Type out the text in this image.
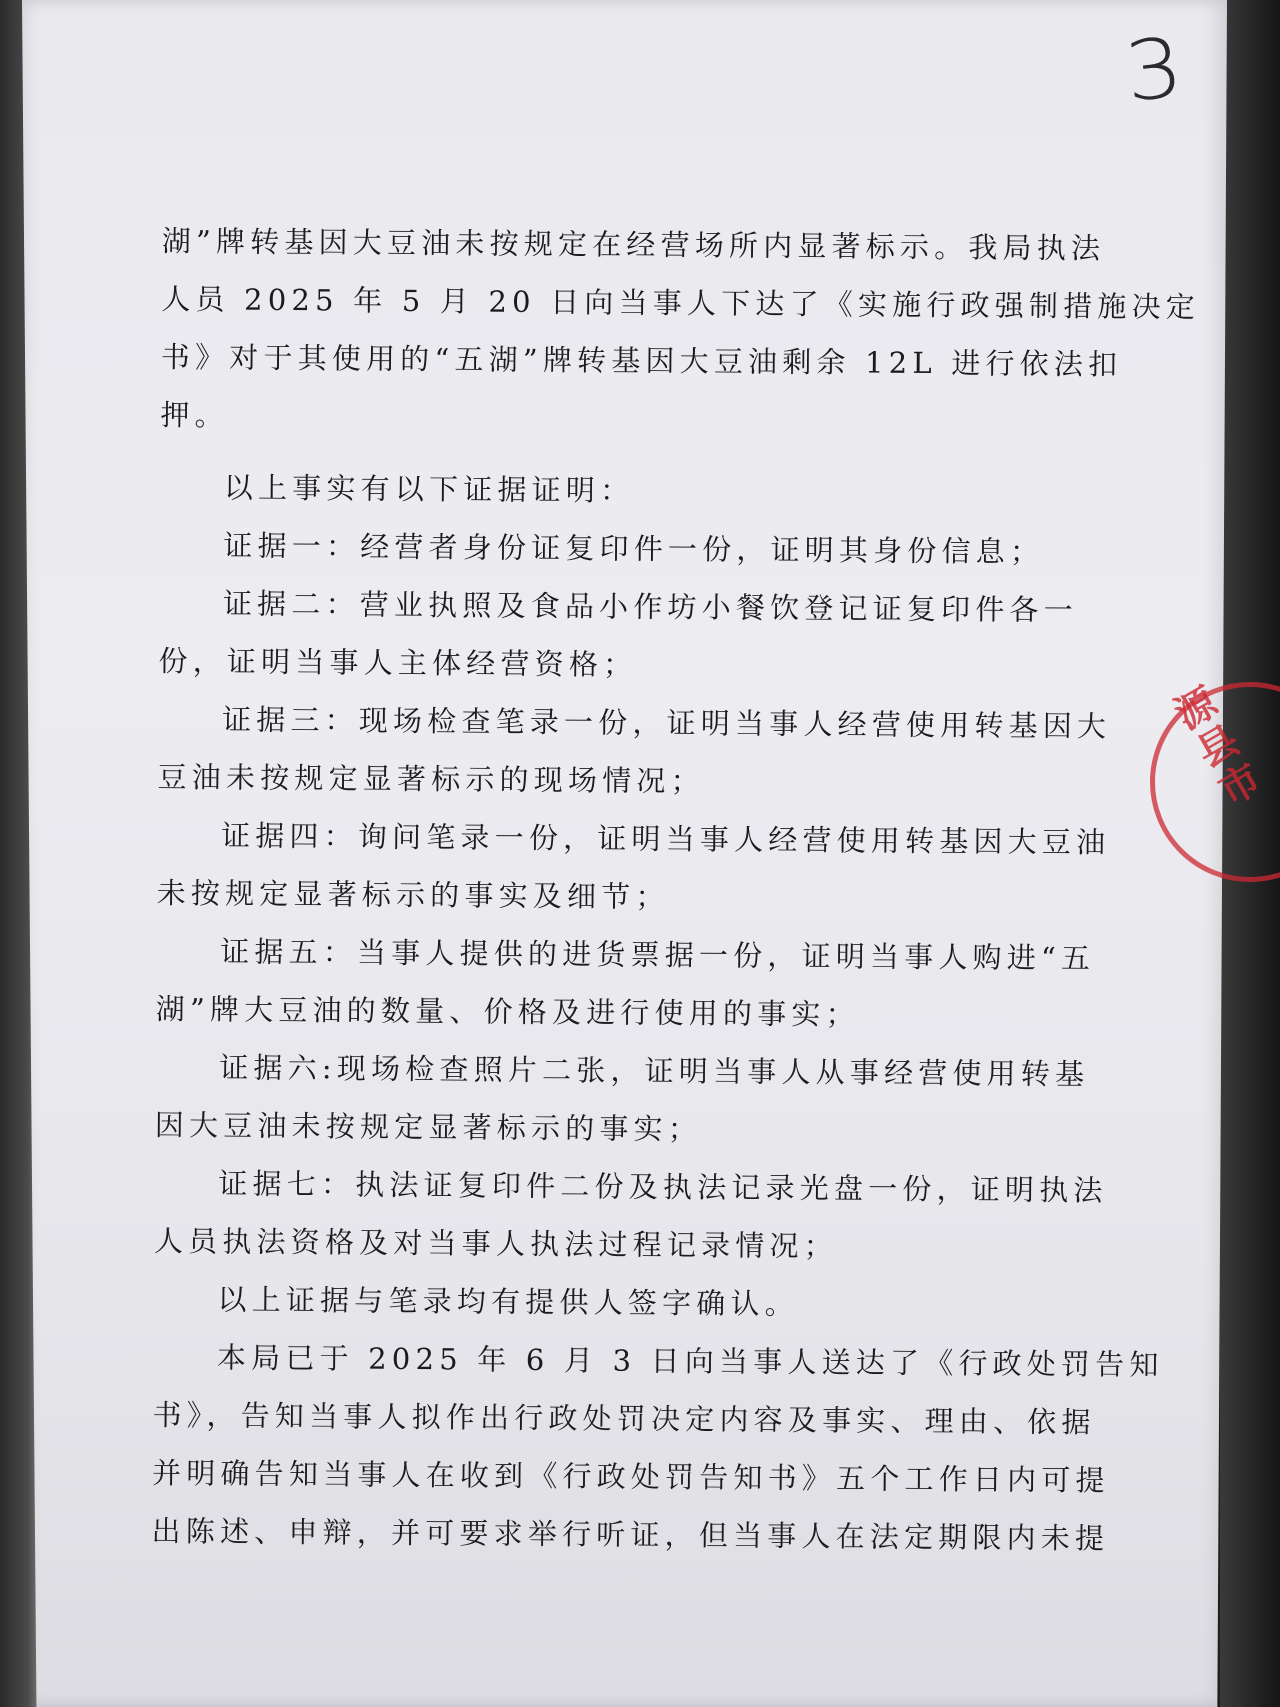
3
源县市
湖”牌转基因大豆油未按规定在经营场所内显著标示。我局执法
人员 2025 年 5 月 20 日向当事人下达了《实施行政强制措施决定
书》对于其使用的“五湖”牌转基因大豆油剩余 12L 进行依法扣
押。
以上事实有以下证据证明：
证据一：经营者身份证复印件一份，证明其身份信息；
证据二：营业执照及食品小作坊小餐饮登记证复印件各一
份，证明当事人主体经营资格；
证据三：现场检查笔录一份，证明当事人经营使用转基因大
豆油未按规定显著标示的现场情况；
证据四：询问笔录一份，证明当事人经营使用转基因大豆油
未按规定显著标示的事实及细节；
证据五：当事人提供的进货票据一份，证明当事人购进“五
湖”牌大豆油的数量、价格及进行使用的事实；
证据六:现场检查照片二张，证明当事人从事经营使用转基
因大豆油未按规定显著标示的事实；
证据七：执法证复印件二份及执法记录光盘一份，证明执法
人员执法资格及对当事人执法过程记录情况；
以上证据与笔录均有提供人签字确认。
本局已于 2025 年 6 月 3 日向当事人送达了《行政处罚告知
书》，告知当事人拟作出行政处罚决定内容及事实、理由、依据
并明确告知当事人在收到《行政处罚告知书》五个工作日内可提
出陈述、申辩，并可要求举行听证，但当事人在法定期限内未提
